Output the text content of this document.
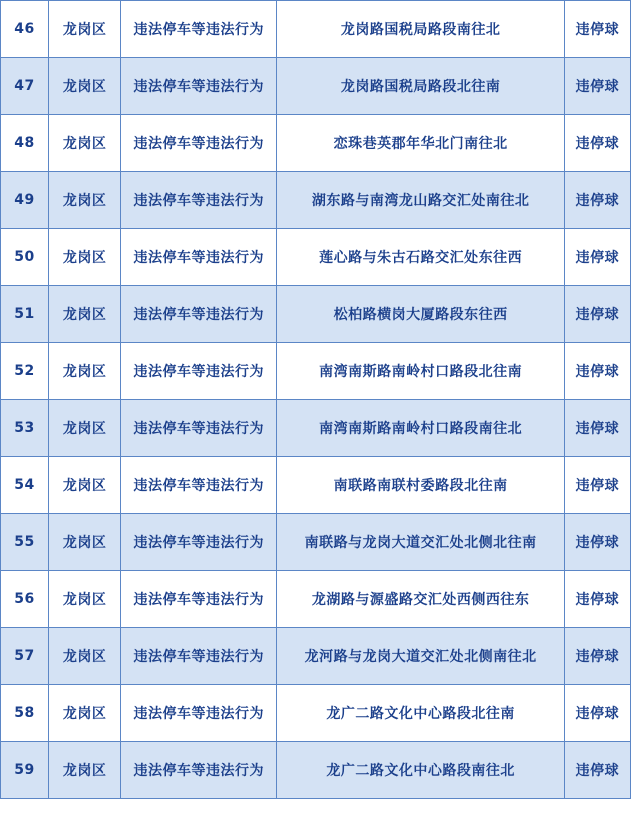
46	龙岗区	违法停车等违法行为	龙岗路国税局路段南往北	违停球
47	龙岗区	违法停车等违法行为	龙岗路国税局路段北往南	违停球
48	龙岗区	违法停车等违法行为	恋珠巷英郡年华北门南往北	违停球
49	龙岗区	违法停车等违法行为	湖东路与南湾龙山路交汇处南往北	违停球
50	龙岗区	违法停车等违法行为	莲心路与朱古石路交汇处东往西	违停球
51	龙岗区	违法停车等违法行为	松柏路横岗大厦路段东往西	违停球
52	龙岗区	违法停车等违法行为	南湾南斯路南岭村口路段北往南	违停球
53	龙岗区	违法停车等违法行为	南湾南斯路南岭村口路段南往北	违停球
54	龙岗区	违法停车等违法行为	南联路南联村委路段北往南	违停球
55	龙岗区	违法停车等违法行为	南联路与龙岗大道交汇处北侧北往南	违停球
56	龙岗区	违法停车等违法行为	龙湖路与源盛路交汇处西侧西往东	违停球
57	龙岗区	违法停车等违法行为	龙河路与龙岗大道交汇处北侧南往北	违停球
58	龙岗区	违法停车等违法行为	龙广二路文化中心路段北往南	违停球
59	龙岗区	违法停车等违法行为	龙广二路文化中心路段南往北	违停球
